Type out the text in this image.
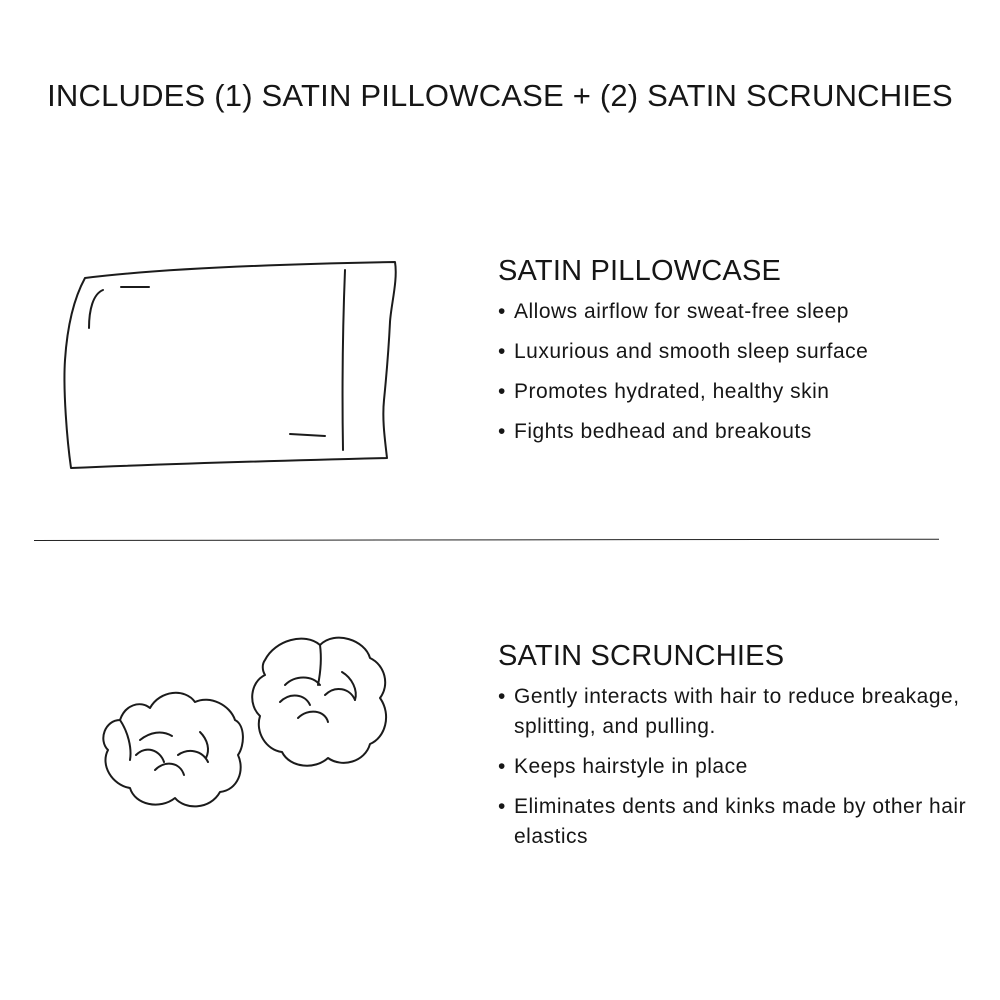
INCLUDES (1) SATIN PILLOWCASE + (2) SATIN SCRUNCHIES
SATIN PILLOWCASE
• Allows airflow for sweat-free sleep
• Luxurious and smooth sleep surface
• Promotes hydrated, healthy skin
• Fights bedhead and breakouts
SATIN SCRUNCHIES
• Gently interacts with hair to reduce breakage, splitting, and pulling.
• Keeps hairstyle in place
• Eliminates dents and kinks made by other hair elastics
